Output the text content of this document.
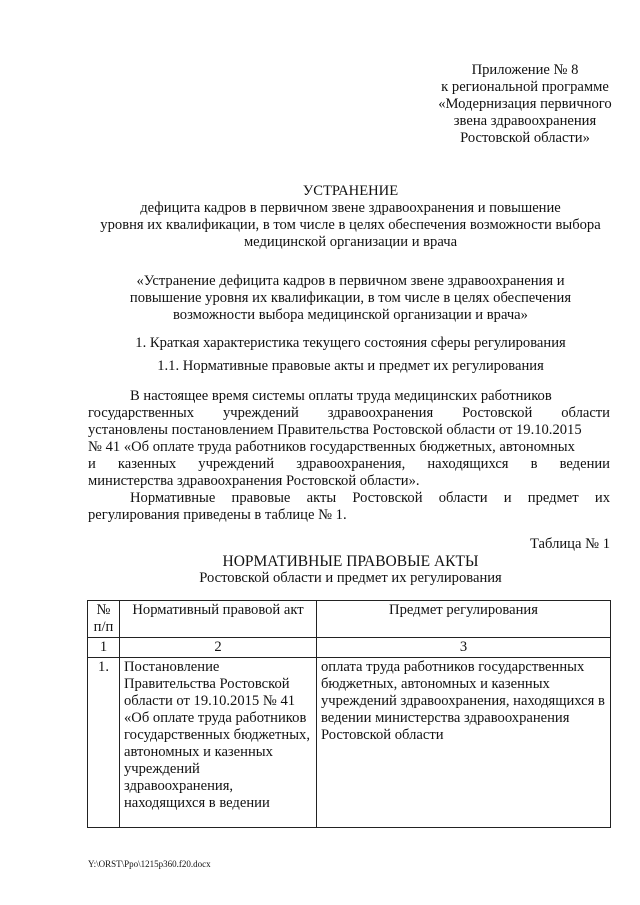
Приложение № 8
к региональной программе
«Модернизация первичного
звена здравоохранения
Ростовской области»
УСТРАНЕНИЕ
дефицита кадров в первичном звене здравоохранения и повышение
уровня их квалификации, в том числе в целях обеспечения возможности выбора
медицинской организации и врача
«Устранение дефицита кадров в первичном звене здравоохранения и
повышение уровня их квалификации, в том числе в целях обеспечения
возможности выбора медицинской организации и врача»
1. Краткая характеристика текущего состояния сферы регулирования
1.1. Нормативные правовые акты и предмет их регулирования
В настоящее время системы оплаты труда медицинских работников
государственных учреждений здравоохранения Ростовской области
установлены постановлением Правительства Ростовской области от 19.10.2015
№ 41 «Об оплате труда работников государственных бюджетных, автономных
и казенных учреждений здравоохранения, находящихся в ведении
министерства здравоохранения Ростовской области».
Нормативные правовые акты Ростовской области и предмет их
регулирования приведены в таблице № 1.
Таблица № 1
НОРМАТИВНЫЕ ПРАВОВЫЕ АКТЫ
Ростовской области и предмет их регулирования
№ п/п	Нормативный правовой акт	Предмет регулирования
1	2	3
1.	Постановление Правительства Ростовской области от 19.10.2015 № 41 «Об оплате труда работников государственных бюджетных, автономных и казенных учреждений здравоохранения, находящихся в ведении	оплата труда работников государственных бюджетных, автономных и казенных учреждений здравоохранения, находящихся в ведении министерства здравоохранения Ростовской области
Y:\ORST\Ppo\1215p360.f20.docx
